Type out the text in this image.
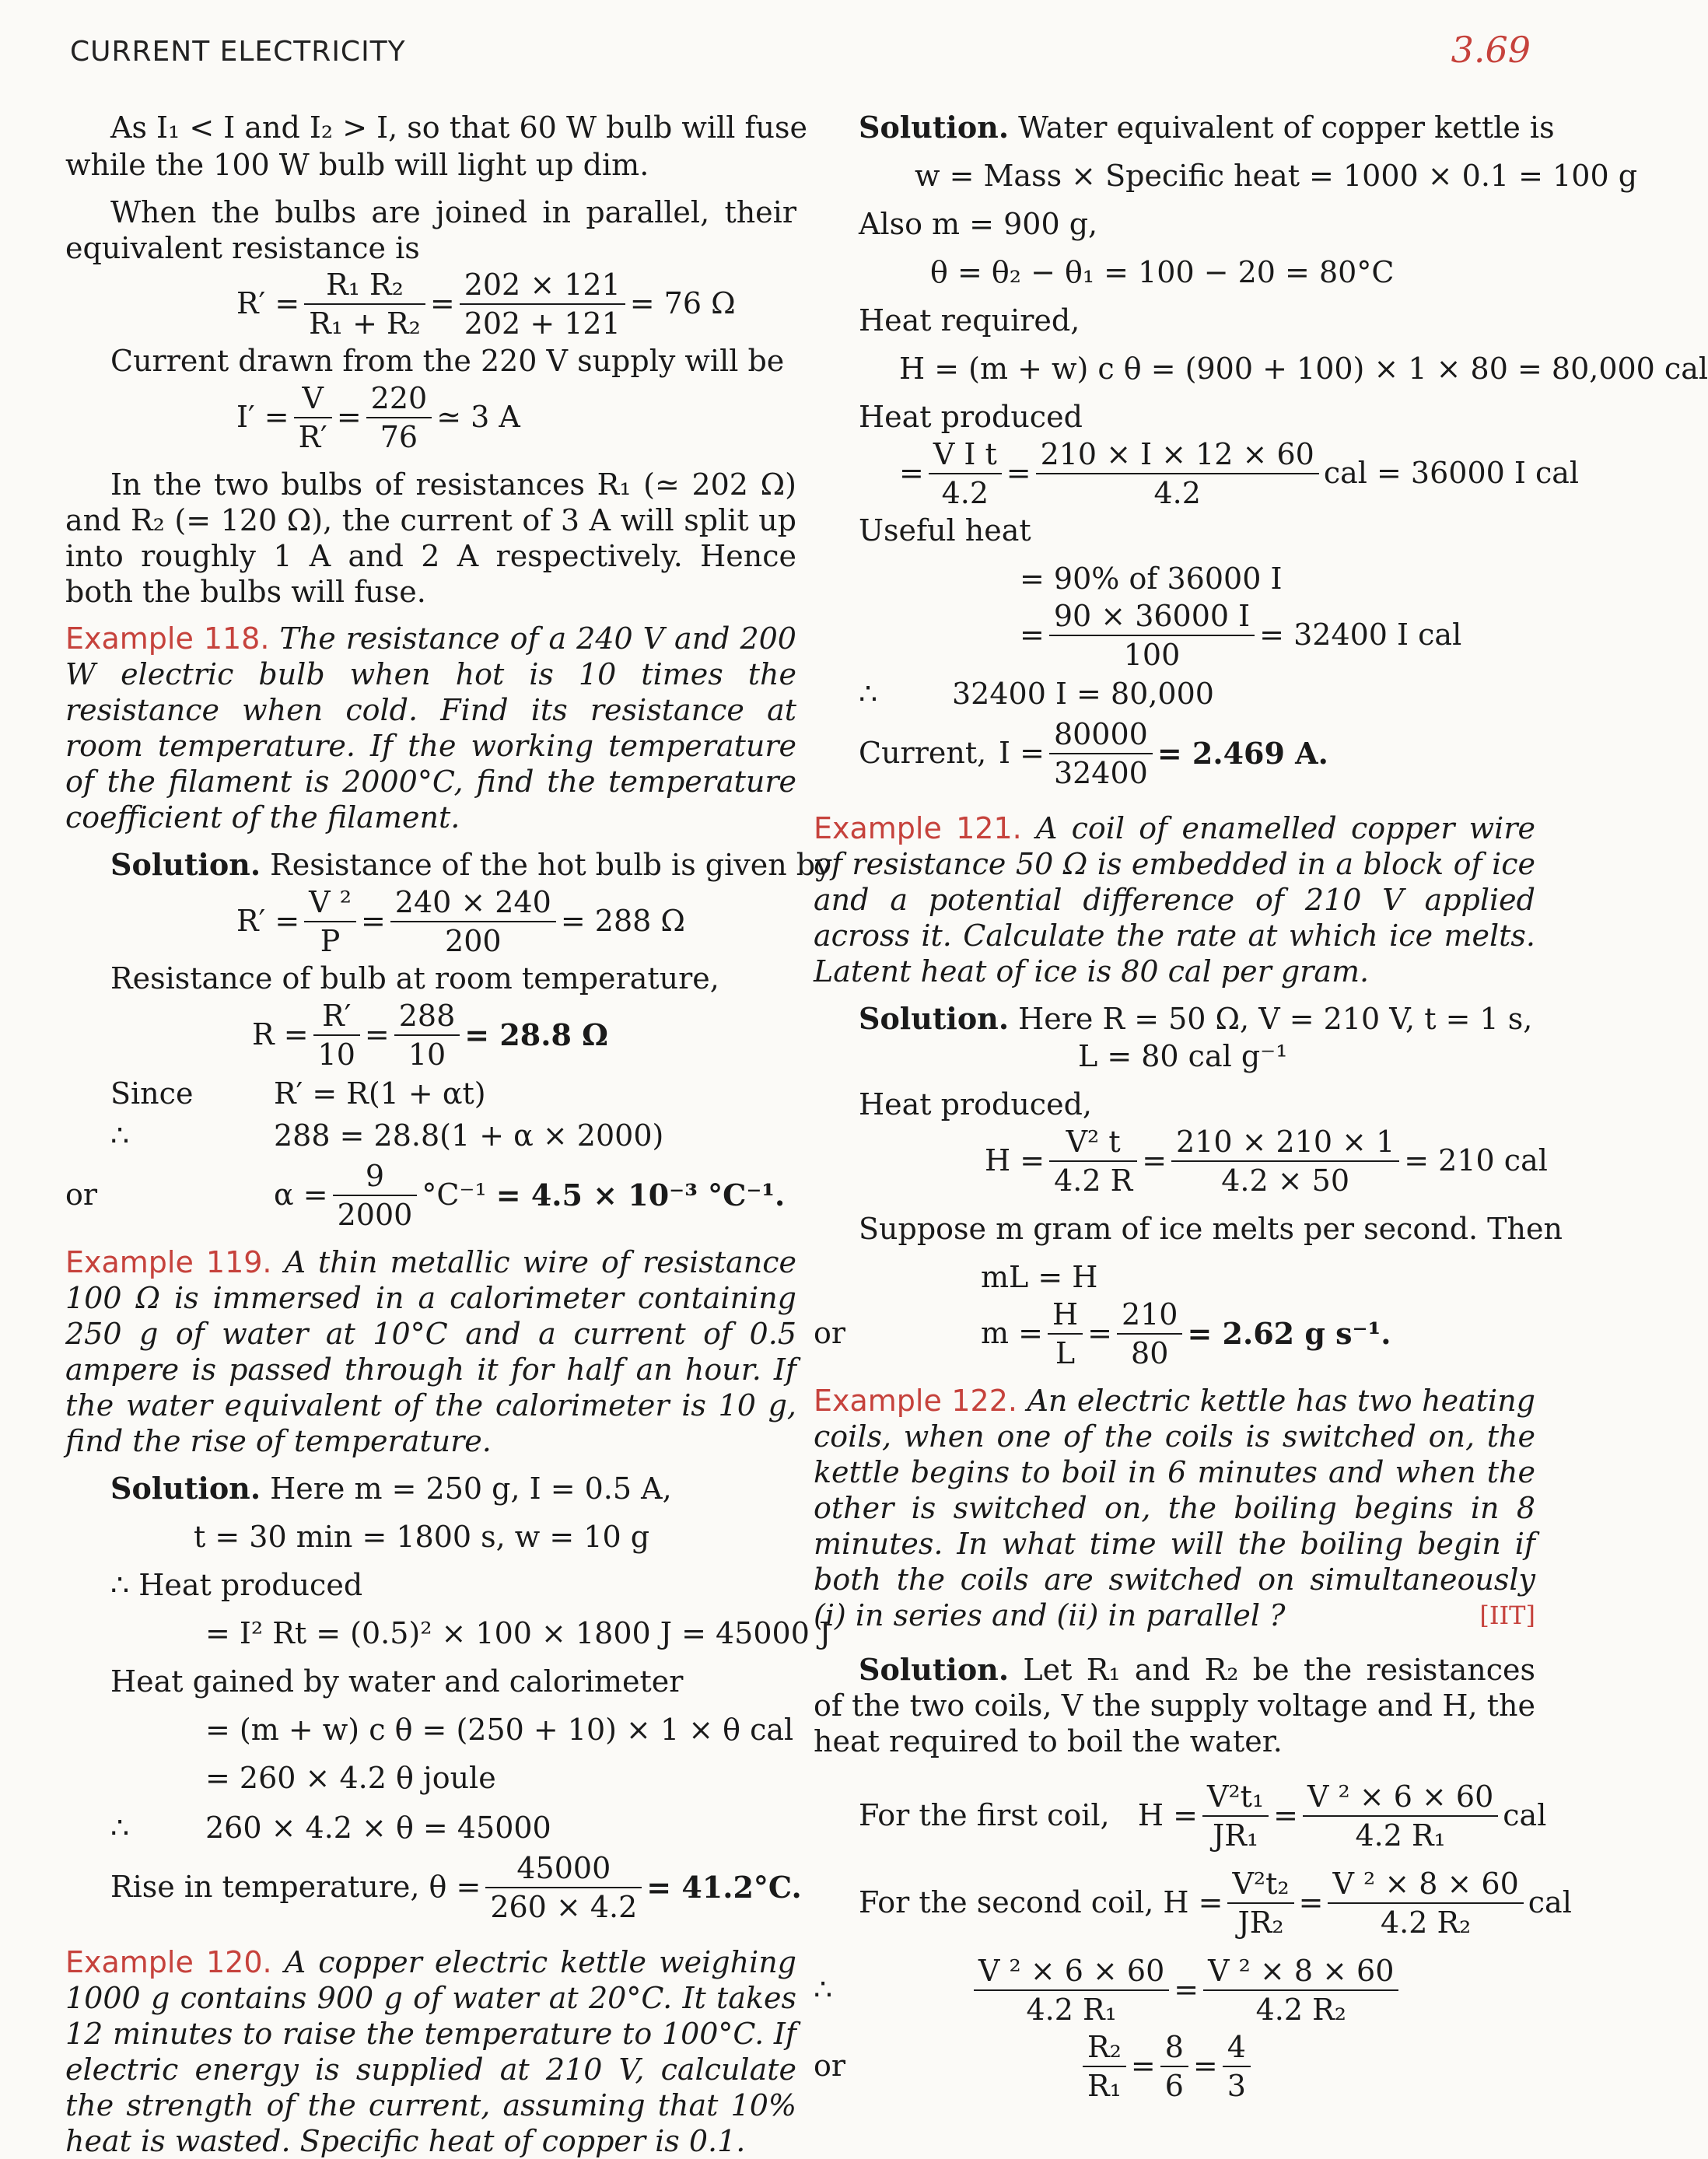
CURRENT ELECTRICITY	3.69

As I₁ < I and I₂ > I, so that 60 W bulb will fuse

while the 100 W bulb will light up dim.

When the bulbs are joined in parallel, their equivalent resistance is

$R' = \frac{\text{R₁ R₂}}{\text{R₁ + R₂}} = \frac{202 \times 121}{202 + 121} = 76$ Ω

Current drawn from the 220 V supply will be

$I' = \frac{V}{R'} = \frac{220}{76}$ ≃ 3 A

In the two bulbs of resistances R₁ (≃ 202 Ω) and R₂ (= 120 Ω), the current of 3 A will split up into roughly 1 A and 2 A respectively. Hence both the bulbs will fuse.

Example 118. The resistance of a 240 V and 200 W electric bulb when hot is 10 times the resistance when cold. Find its resistance at room temperature. If the working temperature of the filament is 2000°C, find the temperature coefficient of the filament.

Solution. Resistance of the hot bulb is given by

$R' = \frac{\text{V ²}}{P} = \frac{240 \times 240}{200} = 288$ Ω

Resistance of bulb at room temperature,

$R = \frac{R'}{10} = \frac{288}{10} = 28.8$ Ω
Since	R′ = R(1 + αt)
∴	288 = 28.8(1 + α × 2000)
or	$\alpha = \frac{9}{2000} ^\circ C^{-1}$
= 4.5 × 10⁻³ °C⁻¹.

Example 119. A thin metallic wire of resistance 100 Ω is immersed in a calorimeter containing 250 g of water at 10°C and a current of 0.5 ampere is passed through it for half an hour. If the water equivalent of the calorimeter is 10 g, find the rise of temperature.

Solution. Here m = 250 g, I = 0.5 A,

t = 30 min = 1800 s, w = 10 g

∴ Heat produced

= I² Rt = (0.5)² × 100 × 1800 J = 45000 J

Heat gained by water and calorimeter

= (m + w) c θ = (250 + 10) × 1 × θ cal

= 260 × 4.2 θ joule

∴	260 × 4.2 × θ = 45000
Rise in temperature, $\theta = \frac{45000}{260 \times 4.2} = 41.2^\circ C$.

Example 120. A copper electric kettle weighing 1000 g contains 900 g of water at 20°C. It takes 12 minutes to raise the temperature to 100°C. If electric energy is supplied at 210 V, calculate the strength of the current, assuming that 10% heat is wasted. Specific heat of copper is 0.1.

Solution. Water equivalent of copper kettle is

w = Mass × Specific heat = 1000 × 0.1 = 100 g

Also m = 900 g,

θ = θ₂ − θ₁ = 100 − 20 = 80°C

Heat required,

H = (m + w) c θ = (900 + 100) × 1 × 80 = 80,000 cal

Heat produced

= $\frac{\text{V I t}}{4.2} = \frac{210 \times I \times 12 \times 60}{4.2}$ cal = 36000 I cal

Useful heat

= 90% of 36000 I

= $\frac{90 \times 36000 I}{100} = 32400$ I cal
∴	32400 I = 80,000
Current, $I = \frac{80000}{32400} = 2.469$ A.

Example 121. A coil of enamelled copper wire of resistance 50 Ω is embedded in a block of ice and a potential difference of 210 V applied across it. Calculate the rate at which ice melts. Latent heat of ice is 80 cal per gram.

Solution. Here R = 50 Ω, V = 210 V, t = 1 s,

L = 80 cal g⁻¹

Heat produced,

$H = \frac{\text{V² t}}{4.2 R} = \frac{210 \times 210 \times 1}{4.2 \times 50} = 210$ cal

Suppose m gram of ice melts per second. Then

mL = H

or	$m = \frac{H}{L} = \frac{210}{80} = 2.62$ g s⁻¹.

Example 122. An electric kettle has two heating coils, when one of the coils is switched on, the kettle begins to boil in 6 minutes and when the other is switched on, the boiling begins in 8 minutes. In what time will the boiling begin if both the coils are switched on simultaneously (i) in series and (ii) in parallel ?	[IIT]

Solution. Let R₁ and R₂ be the resistances of the two coils, V the supply voltage and H, the heat required to boil the water.

For the first coil,
$H = \frac{\text{V²t₁}}{\text{JR₁}} = \frac{\text{V ² × 6 × 60}}{\text{4.2 R₁}}$ cal
For the second coil,
$H = \frac{\text{V²t₂}}{\text{JR₂}} = \frac{\text{V ² × 8 × 60}}{\text{4.2 R₂}}$ cal
∴	$\frac{\text{V ² × 6 × 60}}{\text{4.2 R₁}} = \frac{\text{V ² × 8 × 60}}{\text{4.2 R₂}}$
or	$\frac{\text{R₂}}{\text{R₁}} = \frac{8}{6} = \frac{4}{3}$
